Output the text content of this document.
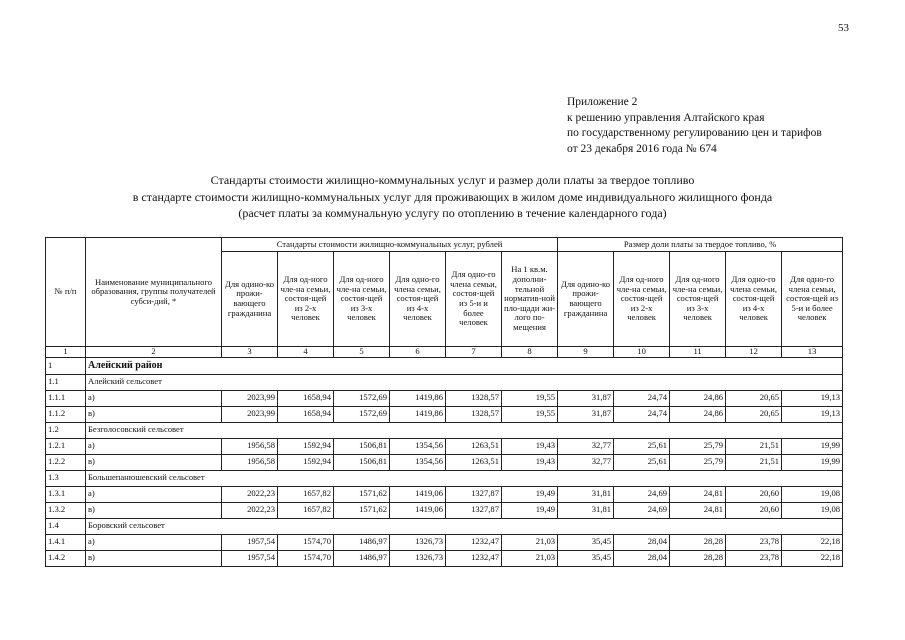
53
Приложение 2
к решению управления Алтайского края
по государственному регулированию цен и тарифов
от 23 декабря 2016 года № 674
Стандарты стоимости жилищно-коммунальных услуг и размер доли платы за твердое топливо
в стандарте стоимости жилищно-коммунальных услуг для проживающих в жилом доме индивидуального жилищного фонда
(расчет платы за коммунальную услугу по отоплению в течение календарного года)
№ п/п	Наименование муниципального образования, группы получателей субси-дий, *	Стандарты стоимости жилищно-коммунальных услуг, рублей						Размер доли платы за твердое топливо, %				
		Для одино-ко прожи-вающего гражданина	Для од-ного чле-на семьи, состоя-щей из 2-х человек	Для од-ного чле-на семьи, состоя-щей из 3-х человек	Для одно-го члена семьи, состоя-щей из 4-х человек	Для одно-го члена семьи, состоя-щей из 5-и и более человек	На 1 кв.м. дополни-тельной норматив-ной пло-щади жи-лого по-мещения	Для одино-ко прожи-вающего гражданина	Для од-ного чле-на семьи, состоя-щей из 2-х человек	Для од-ного чле-на семьи, состоя-щей из 3-х человек	Для одно-го члена семьи, состоя-щей из 4-х человек	Для одно-го члена семьи, состоя-щей из 5-и и более человек
1	2	3	4	5	6	7	8	9	10	11	12	13
1	Алейский район											
1.1	Алейский сельсовет											
1.1.1	а)	2023,99	1658,94	1572,69	1419,86	1328,57	19,55	31,87	24,74	24,86	20,65	19,13
1.1.2	в)	2023,99	1658,94	1572,69	1419,86	1328,57	19,55	31,87	24,74	24,86	20,65	19,13
1.2	Безголосовский сельсовет											
1.2.1	а)	1956,58	1592,94	1506,81	1354,56	1263,51	19,43	32,77	25,61	25,79	21,51	19,99
1.2.2	в)	1956,58	1592,94	1506,81	1354,56	1263,51	19,43	32,77	25,61	25,79	21,51	19,99
1.3	Большепанюшевский сельсовет											
1.3.1	а)	2022,23	1657,82	1571,62	1419,06	1327,87	19,49	31,81	24,69	24,81	20,60	19,08
1.3.2	в)	2022,23	1657,82	1571,62	1419,06	1327,87	19,49	31,81	24,69	24,81	20,60	19,08
1.4	Боровский сельсовет											
1.4.1	а)	1957,54	1574,70	1486,97	1326,73	1232,47	21,03	35,45	28,04	28,28	23,78	22,18
1.4.2	в)	1957,54	1574,70	1486,97	1326,73	1232,47	21,03	35,45	28,04	28,28	23,78	22,18
